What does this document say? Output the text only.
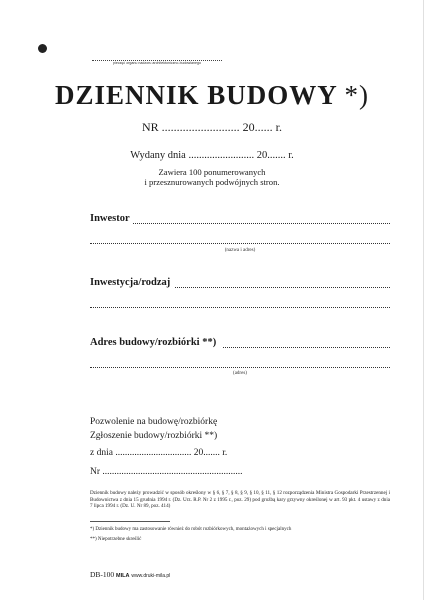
pieczęć organu nadzoru architektoniczno-budowlanego
DZIENNIK BUDOWY *)
NR .......................... 20...... r.
Wydany dnia ......................... 20....... r.
Zawiera 100 ponumerowanych
i przesznurowanych podwójnych stron.
Inwestor
(nazwa i adres)
Inwestycja/rodzaj
Adres budowy/rozbiórki **)
(adres)
Pozwolenie na budowę/rozbiórkę
Zgłoszenie budowy/rozbiórki **)
z dnia ................................ 20....... r.
Nr ...........................................................
Dziennik budowy należy prowadzić w sposób określony w § 6, § 7, § 8, § 9, § 10, § 11, § 12 rozporządzenia Ministra Gospodarki Przestrzennej i Budownictwa z dnia 15 grudnia 1994 r. (Dz. Urz. R.P. Nr 2 z 1995 r., poz. 29) pod groźbą kary grzywny określonej w art. 93 pkt. 4 ustawy z dnia 7 lipca 1994 r. (Dz. U. Nr 89, poz. 414)
*) Dziennik budowy ma zastosowanie również do robót rozbiórkowych, montażowych i specjalnych
**) Niepotrzebne skreślić
DB-100 MILA www.druki-mila.pl
